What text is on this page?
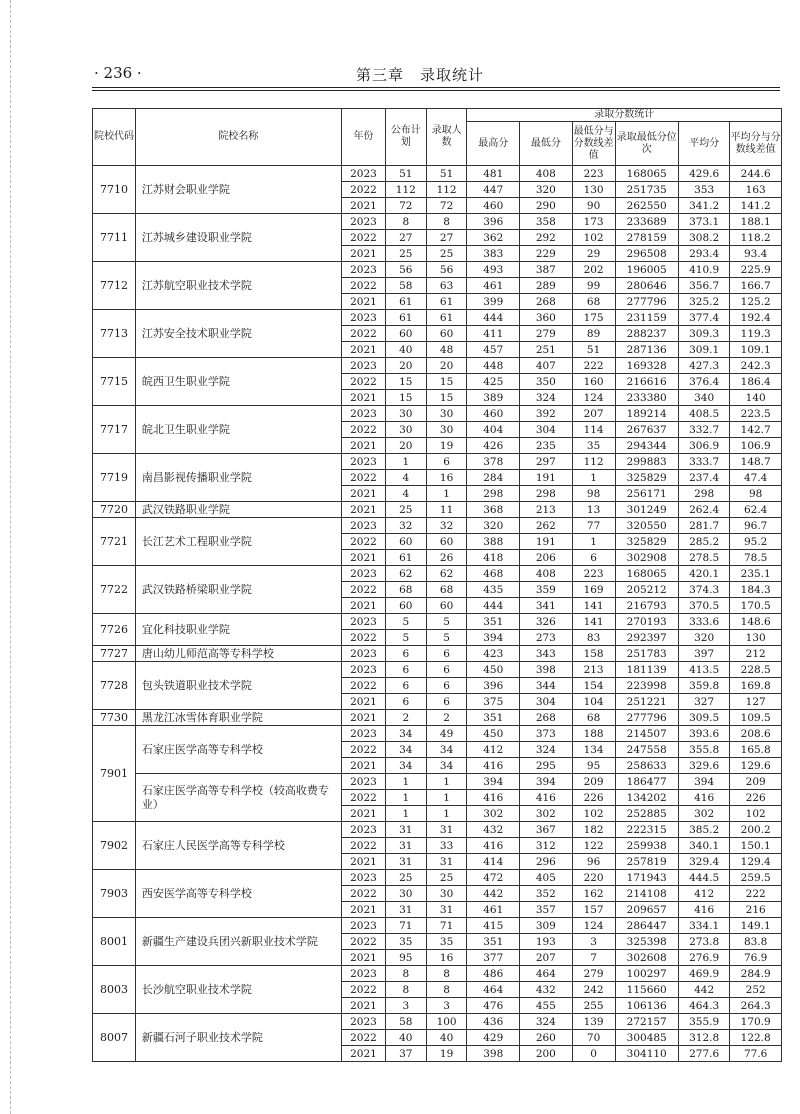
· 236 ·	第三章　录取统计
院校代码	院校名称	年份	公布计划	录取人数	录取分数统计					
					最高分	最低分	最低分与分数线差值	录取最低分位次	平均分	平均分与分数线差值
7710	江苏财会职业学院	2023	51	51	481	408	223	168065	429.6	244.6
		2022	112	112	447	320	130	251735	353	163
		2021	72	72	460	290	90	262550	341.2	141.2
7711	江苏城乡建设职业学院	2023	8	8	396	358	173	233689	373.1	188.1
		2022	27	27	362	292	102	278159	308.2	118.2
		2021	25	25	383	229	29	296508	293.4	93.4
7712	江苏航空职业技术学院	2023	56	56	493	387	202	196005	410.9	225.9
		2022	58	63	461	289	99	280646	356.7	166.7
		2021	61	61	399	268	68	277796	325.2	125.2
7713	江苏安全技术职业学院	2023	61	61	444	360	175	231159	377.4	192.4
		2022	60	60	411	279	89	288237	309.3	119.3
		2021	40	48	457	251	51	287136	309.1	109.1
7715	皖西卫生职业学院	2023	20	20	448	407	222	169328	427.3	242.3
		2022	15	15	425	350	160	216616	376.4	186.4
		2021	15	15	389	324	124	233380	340	140
7717	皖北卫生职业学院	2023	30	30	460	392	207	189214	408.5	223.5
		2022	30	30	404	304	114	267637	332.7	142.7
		2021	20	19	426	235	35	294344	306.9	106.9
7719	南昌影视传播职业学院	2023	1	6	378	297	112	299883	333.7	148.7
		2022	4	16	284	191	1	325829	237.4	47.4
		2021	4	1	298	298	98	256171	298	98
7720	武汉铁路职业学院	2021	25	11	368	213	13	301249	262.4	62.4
7721	长江艺术工程职业学院	2023	32	32	320	262	77	320550	281.7	96.7
		2022	60	60	388	191	1	325829	285.2	95.2
		2021	61	26	418	206	6	302908	278.5	78.5
7722	武汉铁路桥梁职业学院	2023	62	62	468	408	223	168065	420.1	235.1
		2022	68	68	435	359	169	205212	374.3	184.3
		2021	60	60	444	341	141	216793	370.5	170.5
7726	宜化科技职业学院	2023	5	5	351	326	141	270193	333.6	148.6
		2022	5	5	394	273	83	292397	320	130
7727	唐山幼儿师范高等专科学校	2023	6	6	423	343	158	251783	397	212
7728	包头铁道职业技术学院	2023	6	6	450	398	213	181139	413.5	228.5
		2022	6	6	396	344	154	223998	359.8	169.8
		2021	6	6	375	304	104	251221	327	127
7730	黑龙江冰雪体育职业学院	2021	2	2	351	268	68	277796	309.5	109.5
7901	石家庄医学高等专科学校	2023	34	49	450	373	188	214507	393.6	208.6
		2022	34	34	412	324	134	247558	355.8	165.8
		2021	34	34	416	295	95	258633	329.6	129.6
	石家庄医学高等专科学校（较高收费专业）	2023	1	1	394	394	209	186477	394	209
		2022	1	1	416	416	226	134202	416	226
		2021	1	1	302	302	102	252885	302	102
7902	石家庄人民医学高等专科学校	2023	31	31	432	367	182	222315	385.2	200.2
		2022	31	33	416	312	122	259938	340.1	150.1
		2021	31	31	414	296	96	257819	329.4	129.4
7903	西安医学高等专科学校	2023	25	25	472	405	220	171943	444.5	259.5
		2022	30	30	442	352	162	214108	412	222
		2021	31	31	461	357	157	209657	416	216
8001	新疆生产建设兵团兴新职业技术学院	2023	71	71	415	309	124	286447	334.1	149.1
		2022	35	35	351	193	3	325398	273.8	83.8
		2021	95	16	377	207	7	302608	276.9	76.9
8003	长沙航空职业技术学院	2023	8	8	486	464	279	100297	469.9	284.9
		2022	8	8	464	432	242	115660	442	252
		2021	3	3	476	455	255	106136	464.3	264.3
8007	新疆石河子职业技术学院	2023	58	100	436	324	139	272157	355.9	170.9
		2022	40	40	429	260	70	300485	312.8	122.8
		2021	37	19	398	200	0	304110	277.6	77.6
